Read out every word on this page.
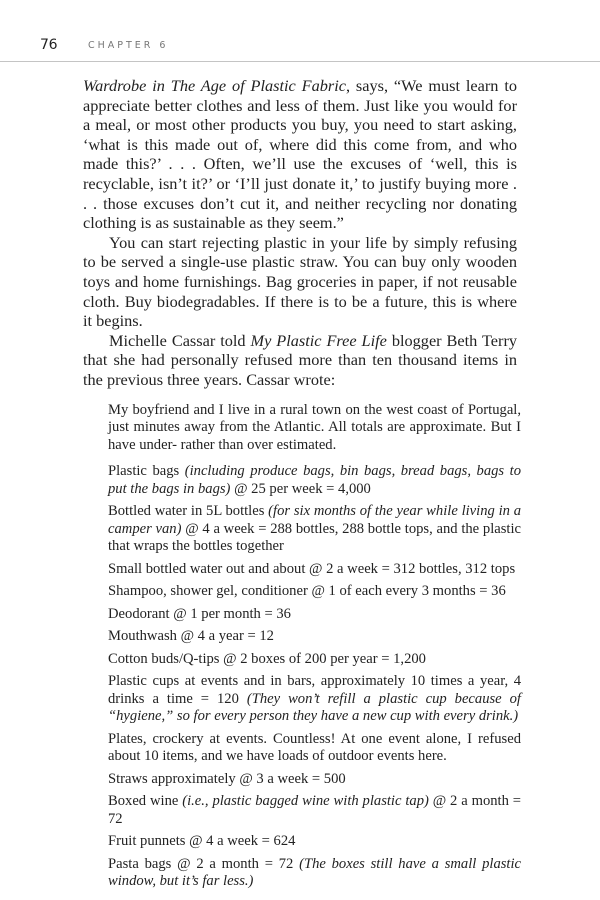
76	CHAPTER 6

Wardrobe in The Age of Plastic Fabric, says, “We must learn to appreciate better clothes and less of them. Just like you would for a meal, or most other products you buy, you need to start asking, ‘what is this made out of, where did this come from, and who made this?’ . . . Often, we’ll use the excuses of ‘well, this is recyclable, isn’t it?’ or ‘I’ll just donate it,’ to justify buying more . . . those excuses don’t cut it, and neither recycling nor donating clothing is as sustainable as they seem.”

You can start rejecting plastic in your life by simply refusing to be served a single-use plastic straw. You can buy only wooden toys and home furnishings. Bag groceries in paper, if not reusable cloth. Buy biodegradables. If there is to be a future, this is where it begins.

Michelle Cassar told My Plastic Free Life blogger Beth Terry that she had personally refused more than ten thousand items in the previous three years. Cassar wrote:

My boyfriend and I live in a rural town on the west coast of Portugal, just minutes away from the Atlantic. All totals are approximate. But I have under- rather than over estimated.

Plastic bags (including produce bags, bin bags, bread bags, bags to put the bags in bags) @ 25 per week = 4,000

Bottled water in 5L bottles (for six months of the year while living in a camper van) @ 4 a week = 288 bottles, 288 bottle tops, and the plastic that wraps the bottles together

Small bottled water out and about @ 2 a week = 312 bottles, 312 tops

Shampoo, shower gel, conditioner @ 1 of each every 3 months = 36

Deodorant @ 1 per month = 36

Mouthwash @ 4 a year = 12

Cotton buds/Q-tips @ 2 boxes of 200 per year = 1,200

Plastic cups at events and in bars, approximately 10 times a year, 4 drinks a time = 120 (They won’t refill a plastic cup because of “hygiene,” so for every person they have a new cup with every drink.)

Plates, crockery at events. Countless! At one event alone, I refused about 10 items, and we have loads of outdoor events here.

Straws approximately @ 3 a week = 500

Boxed wine (i.e., plastic bagged wine with plastic tap) @ 2 a month = 72

Fruit punnets @ 4 a week = 624

Pasta bags @ 2 a month = 72 (The boxes still have a small plastic window, but it’s far less.)
